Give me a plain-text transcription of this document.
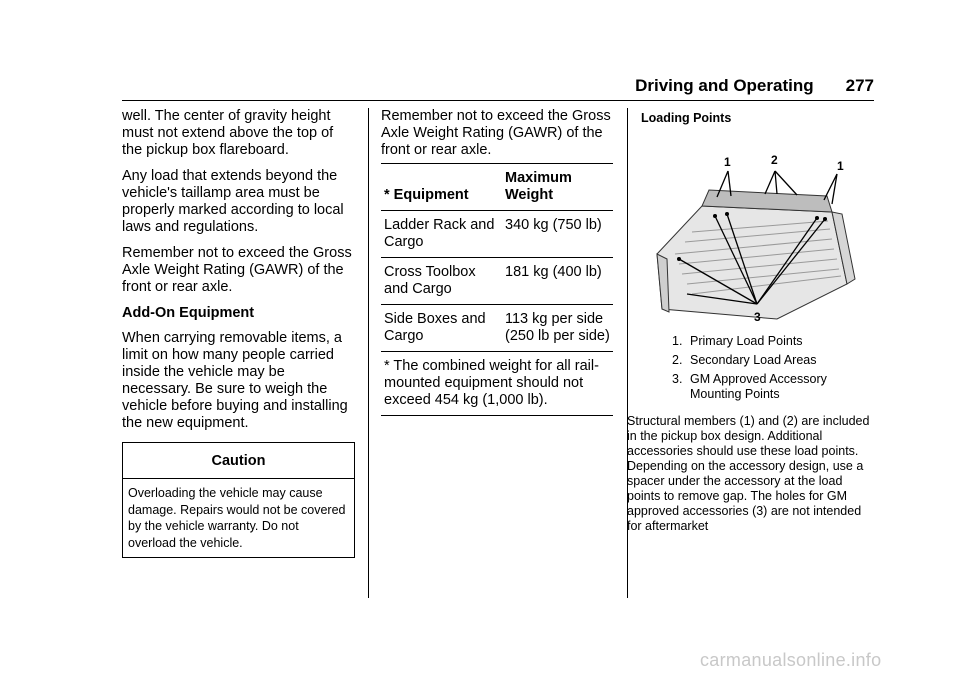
Driving and Operating 277

well. The center of gravity height must not extend above the top of the pickup box flareboard.

Any load that extends beyond the vehicle's taillamp area must be properly marked according to local laws and regulations.

Remember not to exceed the Gross Axle Weight Rating (GAWR) of the front or rear axle.

Add-On Equipment

When carrying removable items, a limit on how many people carried inside the vehicle may be necessary. Be sure to weigh the vehicle before buying and installing the new equipment.

Caution
Overloading the vehicle may cause damage. Repairs would not be covered by the vehicle warranty. Do not overload the vehicle.

Remember not to exceed the Gross Axle Weight Rating (GAWR) of the front or rear axle.

* Equipment	Maximum Weight
Ladder Rack and Cargo	340 kg (750 lb)
Cross Toolbox and Cargo	181 kg (400 lb)
Side Boxes and Cargo	113 kg per side (250 lb per side)
* The combined weight for all rail-mounted equipment should not exceed 454 kg (1,000 lb).	

Loading Points

1	2	1
3
1. Primary Load Points
2. Secondary Load Areas
3. GM Approved Accessory Mounting Points

Structural members (1) and (2) are included in the pickup box design. Additional accessories should use these load points. Depending on the accessory design, use a spacer under the accessory at the load points to remove gap. The holes for GM approved accessories (3) are not intended for aftermarket

carmanualsonline.info
